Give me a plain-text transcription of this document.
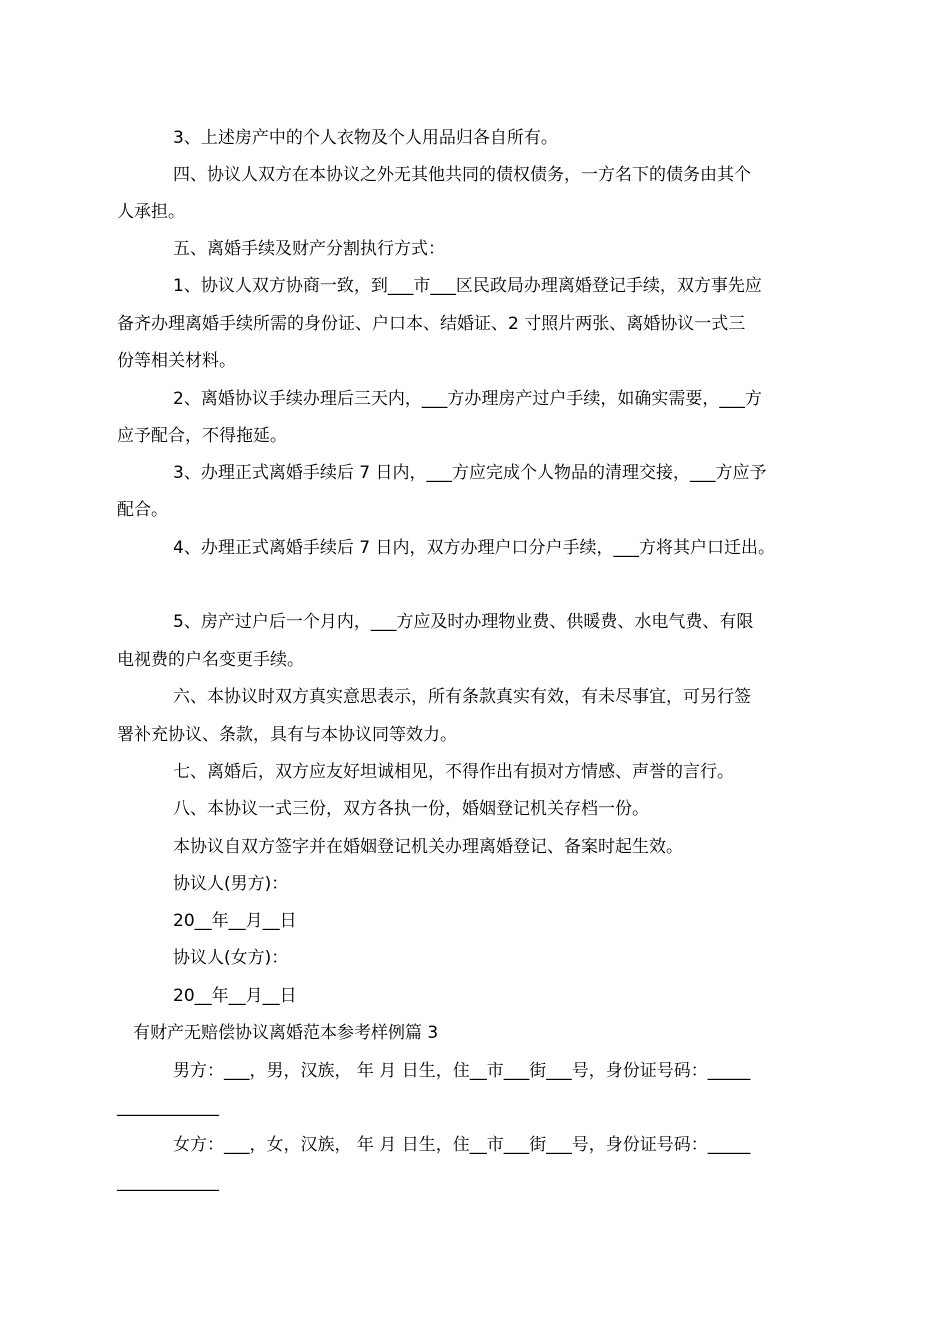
3、上述房产中的个人衣物及个人用品归各自所有。
四、协议人双方在本协议之外无其他共同的债权债务，一方名下的债务由其个
人承担。
五、离婚手续及财产分割执行方式：
1、协议人双方协商一致，到___市___区民政局办理离婚登记手续，双方事先应
备齐办理离婚手续所需的身份证、户口本、结婚证、2 寸照片两张、离婚协议一式三
份等相关材料。
2、离婚协议手续办理后三天内，___方办理房产过户手续，如确实需要，___方
应予配合，不得拖延。
3、办理正式离婚手续后 7 日内，___方应完成个人物品的清理交接，___方应予
配合。
4、办理正式离婚手续后 7 日内，双方办理户口分户手续，___方将其户口迁出。
5、房产过户后一个月内，___方应及时办理物业费、供暖费、水电气费、有限
电视费的户名变更手续。
六、本协议时双方真实意思表示，所有条款真实有效，有未尽事宜，可另行签
署补充协议、条款，具有与本协议同等效力。
七、离婚后，双方应友好坦诚相见，不得作出有损对方情感、声誉的言行。
八、本协议一式三份，双方各执一份，婚姻登记机关存档一份。
本协议自双方签字并在婚姻登记机关办理离婚登记、备案时起生效。
协议人(男方)：
20__年__月__日
协议人(女方)：
20__年__月__日
有财产无赔偿协议离婚范本参考样例篇 3
男方：___，男，汉族， 年 月 日生，住__市___街___号，身份证号码：_____
____________
女方：___，女，汉族， 年 月 日生，住__市___街___号，身份证号码：_____
____________
